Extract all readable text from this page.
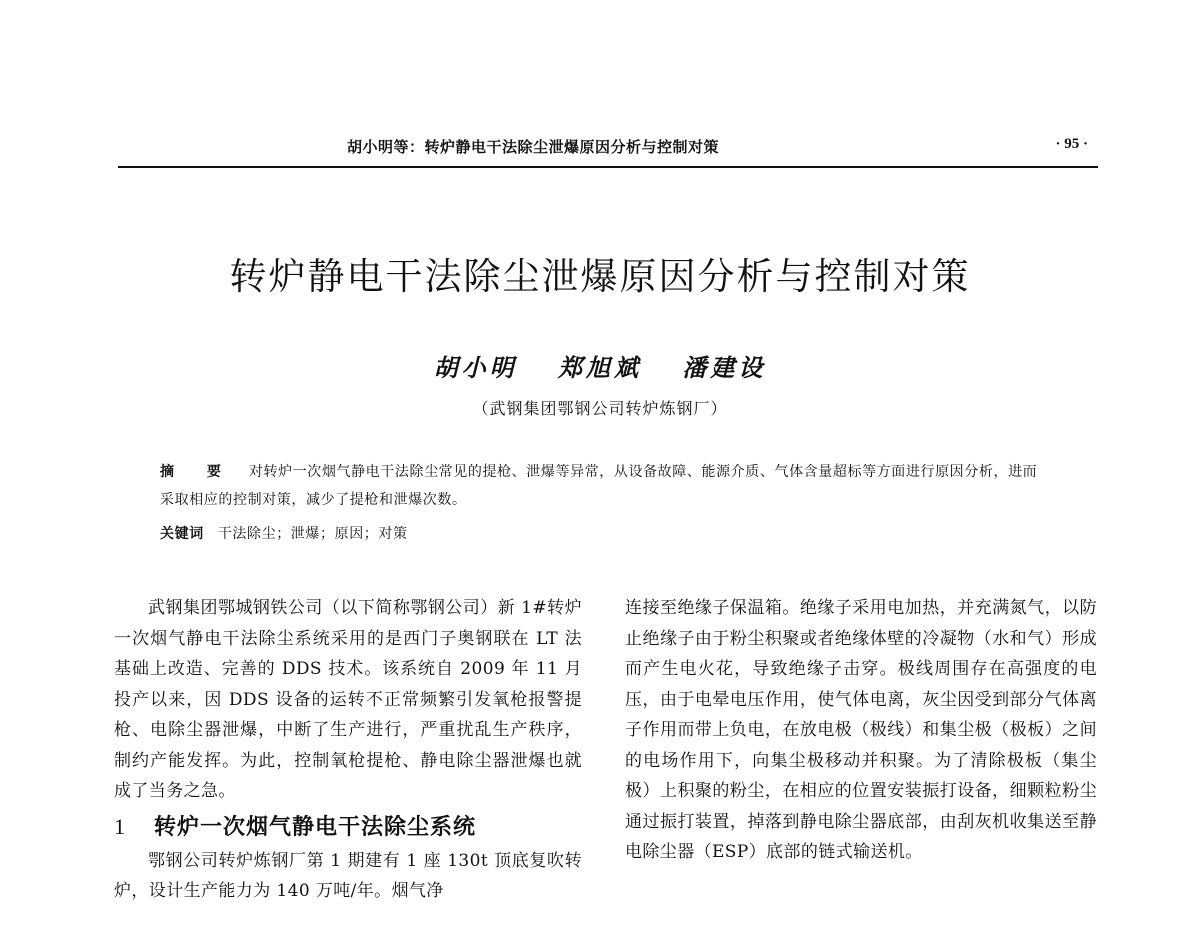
胡小明等：转炉静电干法除尘泄爆原因分析与控制对策	· 95 ·
转炉静电干法除尘泄爆原因分析与控制对策
胡小明 郑旭斌 潘建设
（武钢集团鄂钢公司转炉炼钢厂）
摘 要 对转炉一次烟气静电干法除尘常见的提枪、泄爆等异常，从设备故障、能源介质、气体含量超标等方面进行原因分析，进而采取相应的控制对策，减少了提枪和泄爆次数。
关键词 干法除尘；泄爆；原因；对策

武钢集团鄂城钢铁公司（以下简称鄂钢公司）新 1#转炉一次烟气静电干法除尘系统采用的是西门子奥钢联在 LT 法基础上改造、完善的 DDS 技术。该系统自 2009 年 11 月投产以来，因 DDS 设备的运转不正常频繁引发氧枪报警提枪、电除尘器泄爆，中断了生产进行，严重扰乱生产秩序，制约产能发挥。为此，控制氧枪提枪、静电除尘器泄爆也就成了当务之急。

1 转炉一次烟气静电干法除尘系统

鄂钢公司转炉炼钢厂第 1 期建有 1 座 130t 顶底复吹转炉，设计生产能力为 140 万吨/年。烟气净

连接至绝缘子保温箱。绝缘子采用电加热，并充满氮气，以防止绝缘子由于粉尘积聚或者绝缘体壁的冷凝物（水和气）形成而产生电火花，导致绝缘子击穿。极线周围存在高强度的电压，由于电晕电压作用，使气体电离，灰尘因受到部分气体离子作用而带上负电，在放电极（极线）和集尘极（极板）之间的电场作用下，向集尘极移动并积聚。为了清除极板（集尘极）上积聚的粉尘，在相应的位置安装振打设备，细颗粒粉尘通过振打装置，掉落到静电除尘器底部，由刮灰机收集送至静电除尘器（ESP）底部的链式输送机。
